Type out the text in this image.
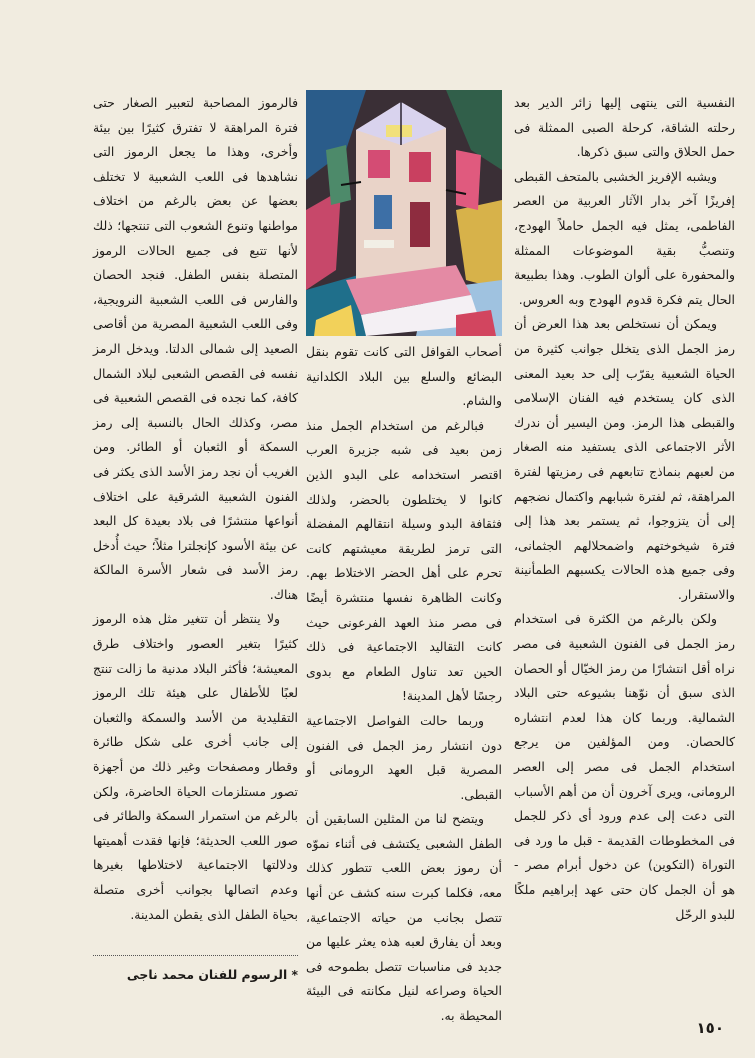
النفسية التى ينتهى إليها زائر الدير بعد رحلته الشاقة، كرحلة الصبى الممثلة فى حمل الحلاق والتى سبق ذكرها.

ويشبه الإفريز الخشبى بالمتحف القبطى إفريزًا آخر بدار الآثار العربية من العصر الفاطمى، يمثل فيه الجمل حاملاً الهودج، وتنصبُّ بقية الموضوعات الممثلة والمحفورة على ألوان الطوب. وهذا بطبيعة الحال يتم فكرة قدوم الهودج وبه العروس.

ويمكن أن نستخلص بعد هذا العرض أن رمز الجمل الذى يتخلل جوانب كثيرة من الحياة الشعبية يقرّب إلى حد بعيد المعنى الذى كان يستخدم فيه الفنان الإسلامى والقبطى هذا الرمز. ومن اليسير أن ندرك الأثر الاجتماعى الذى يستفيد منه الصغار من لعبهم بنماذج تتابعهم فى رمزيتها لفترة المراهقة، ثم لفترة شبابهم واكتمال نضجهم إلى أن يتزوجوا، ثم يستمر بعد هذا إلى فترة شيخوختهم واضمحلالهم الجثمانى، وفى جميع هذه الحالات يكسبهم الطمأنينة والاستقرار.

ولكن بالرغم من الكثرة فى استخدام رمز الجمل فى الفنون الشعبية فى مصر نراه أقل انتشارًا من رمز الخيّال أو الحصان الذى سبق أن نوّهنا بشيوعه حتى البلاد الشمالية. وربما كان هذا لعدم انتشاره كالحصان. ومن المؤلفين من يرجع استخدام الجمل فى مصر إلى العصر الرومانى، ويرى آخرون أن من أهم الأسباب التى دعت إلى عدم ورود أى ذكر للجمل فى المخطوطات القديمة - قبل ما ورد فى التوراة (التكوين) عن دخول أبرام مصر - هو أن الجمل كان حتى عهد إبراهيم ملكًا للبدو الرحّل

أصحاب القوافل التى كانت تقوم بنقل البضائع والسلع بين البلاد الكلدانية والشام.

فبالرغم من استخدام الجمل منذ زمن بعيد فى شبه جزيرة العرب اقتصر استخدامه على البدو الذين كانوا لا يختلطون بالحضر، ولذلك فثقافة البدو وسيلة انتقالهم المفضلة التى ترمز لطريقة معيشتهم كانت تحرم على أهل الحضر الاختلاط بهم. وكانت الظاهرة نفسها منتشرة أيضًا فى مصر منذ العهد الفرعونى حيث كانت التقاليد الاجتماعية فى ذلك الحين تعد تناول الطعام مع بدوى رجسًا لأهل المدينة!

وربما حالت الفواصل الاجتماعية دون انتشار رمز الجمل فى الفنون المصرية قبل العهد الرومانى أو القبطى.

ويتضح لنا من المثلين السابقين أن الطفل الشعبى يكتشف فى أثناء نموّه أن رموز بعض اللعب تتطور كذلك معه، فكلما كبرت سنه كشف عن أنها تتصل بجانب من حياته الاجتماعية، وبعد أن يفارق لعبه هذه يعثر عليها من جديد فى مناسبات تتصل بطموحه فى الحياة وصراعه لنيل مكانته فى البيئة المحيطة به.

فالرموز المصاحبة لتعبير الصغار حتى فترة المراهقة لا تفترق كثيرًا بين بيئة وأخرى، وهذا ما يجعل الرموز التى نشاهدها فى اللعب الشعبية لا تختلف بعضها عن بعض بالرغم من اختلاف مواطنها وتنوع الشعوب التى تنتجها؛ ذلك لأنها تتبع فى جميع الحالات الرموز المتصلة بنفس الطفل. فنجد الحصان والفارس فى اللعب الشعبية النرويجية، وفى اللعب الشعبية المصرية من أقاصى الصعيد إلى شمالى الدلتا. ويدخل الرمز نفسه فى القصص الشعبى لبلاد الشمال كافة، كما نجده فى القصص الشعبية فى مصر، وكذلك الحال بالنسبة إلى رمز السمكة أو الثعبان أو الطائر. ومن الغريب أن نجد رمز الأسد الذى يكثر فى الفنون الشعبية الشرقية على اختلاف أنواعها منتشرًا فى بلاد بعيدة كل البعد عن بيئة الأسود كإنجلترا مثلاً؛ حيث أُدخل رمز الأسد فى شعار الأسرة المالكة هناك.

ولا ينتظر أن تتغير مثل هذه الرموز كثيرًا بتغير العصور واختلاف طرق المعيشة؛ فأكثر البلاد مدنية ما زالت تنتج لعبًا للأطفال على هيئة تلك الرموز التقليدية من الأسد والسمكة والثعبان إلى جانب أخرى على شكل طائرة وقطار ومصفحات وغير ذلك من أجهزة تصور مستلزمات الحياة الحاضرة، ولكن بالرغم من استمرار السمكة والطائر فى صور اللعب الحديثة؛ فإنها فقدت أهميتها ودلالتها الاجتماعية لاختلاطها بغيرها وعدم اتصالها بجوانب أخرى متصلة بحياة الطفل الذى يقطن المدينة.

* الرسوم للفنان محمد ناجى
١٥٠
